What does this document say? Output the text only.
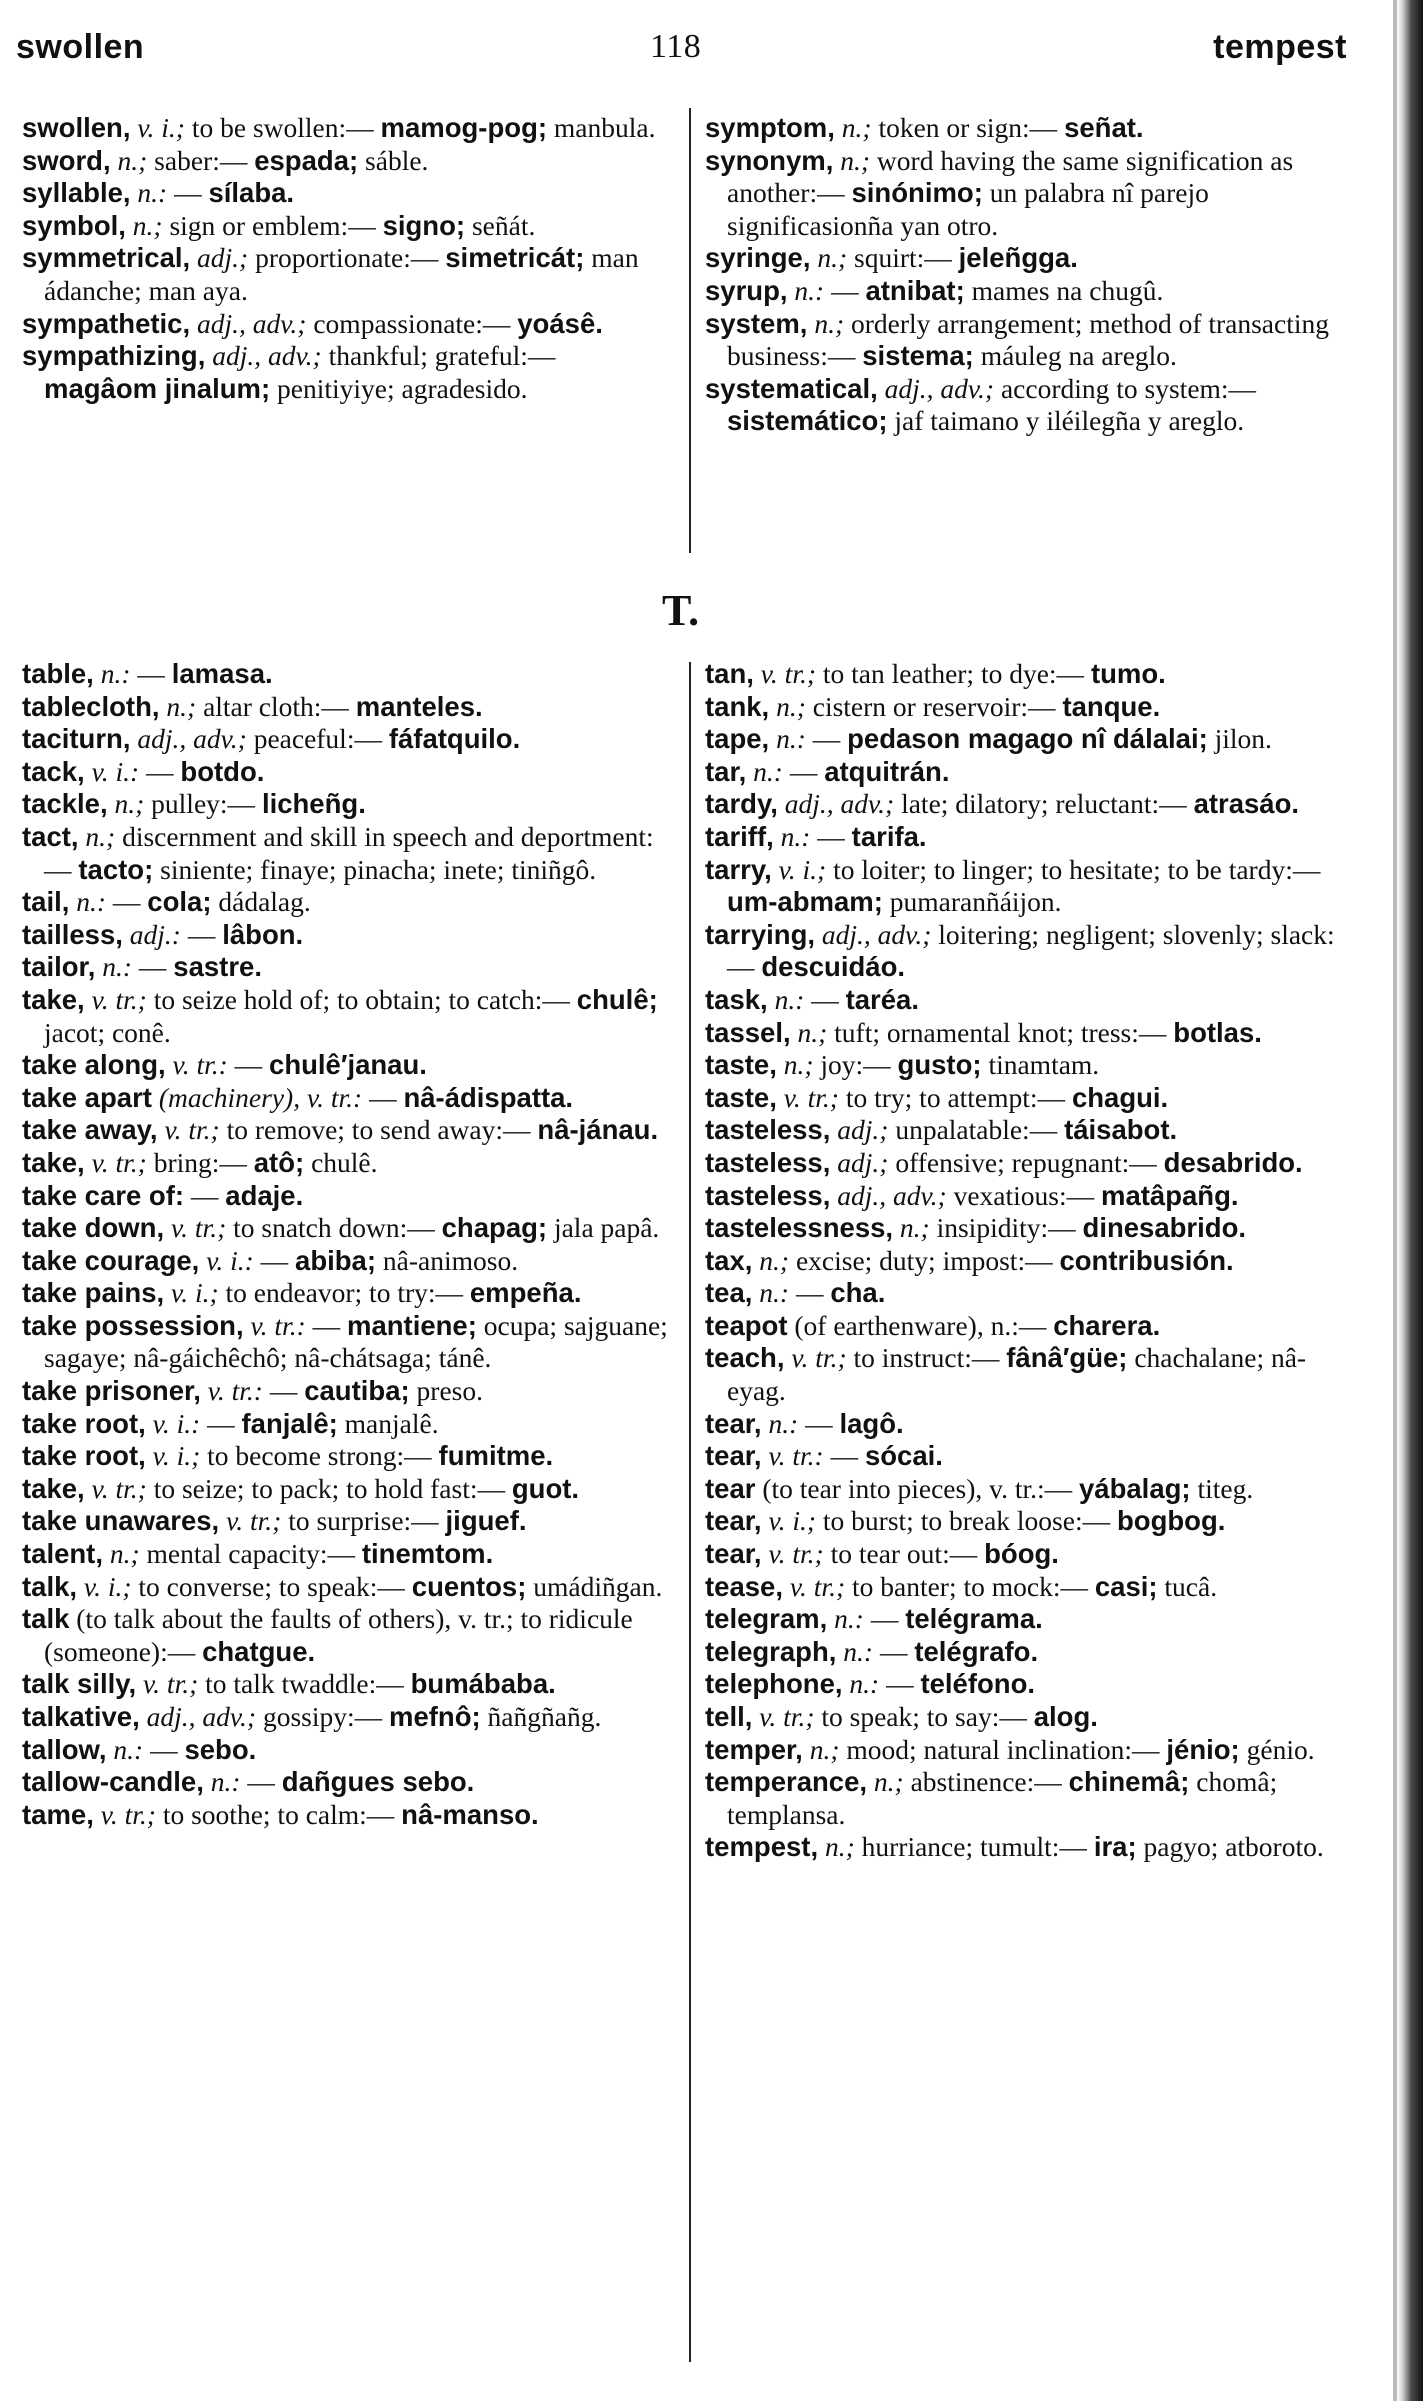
swollen	118	tempest

swollen, v. i.; to be swollen:— mamog-pog; manbula.

sword, n.; saber:— espada; sáble.

syllable, n.: — sílaba.

symbol, n.; sign or emblem:— signo; señát.

symmetrical, adj.; proportionate:— simetricát; man ádanche; man aya.

sympathetic, adj., adv.; compassionate:— yoásê.

sympathizing, adj., adv.; thankful; grateful:— magâom jinalum; penitiyiye; agradesido.

symptom, n.; token or sign:— señat.

synonym, n.; word having the same signification as another:— sinónimo; un palabra nî parejo significasionña yan otro.

syringe, n.; squirt:— jeleñgga.

syrup, n.: — atnibat; mames na chugû.

system, n.; orderly arrangement; method of transacting business:— sistema; máuleg na areglo.

systematical, adj., adv.; according to system:— sistemático; jaf taimano y iléilegña y areglo.

T.

table, n.: — lamasa.

tablecloth, n.; altar cloth:— manteles.

taciturn, adj., adv.; peaceful:— fáfatquilo.

tack, v. i.: — botdo.

tackle, n.; pulley:— licheñg.

tact, n.; discernment and skill in speech and deportment:— tacto; siniente; finaye; pinacha; inete; tiniñgô.

tail, n.: — cola; dádalag.

tailless, adj.: — lâbon.

tailor, n.: — sastre.

take, v. tr.; to seize hold of; to obtain; to catch:— chulê; jacot; conê.

take along, v. tr.: — chulê′janau.

take apart (machinery), v. tr.: — nâ-ádispatta.

take away, v. tr.; to remove; to send away:— nâ-jánau.

take, v. tr.; bring:— atô; chulê.

take care of: — adaje.

take down, v. tr.; to snatch down:— chapag; jala papâ.

take courage, v. i.: — abiba; nâ-animoso.

take pains, v. i.; to endeavor; to try:— empeña.

take possession, v. tr.: — mantiene; ocupa; sajguane; sagaye; nâ-gáichêchô; nâ-chátsaga; tánê.

take prisoner, v. tr.: — cautiba; preso.

take root, v. i.: — fanjalê; manjalê.

take root, v. i.; to become strong:— fumitme.

take, v. tr.; to seize; to pack; to hold fast:— guot.

take unawares, v. tr.; to surprise:— jiguef.

talent, n.; mental capacity:— tinemtom.

talk, v. i.; to converse; to speak:— cuentos; umádiñgan.

talk (to talk about the faults of others), v. tr.; to ridicule (someone):— chatgue.

talk silly, v. tr.; to talk twaddle:— bumábaba.

talkative, adj., adv.; gossipy:— mefnô; ñañgñañg.

tallow, n.: — sebo.

tallow-candle, n.: — dañgues sebo.

tame, v. tr.; to soothe; to calm:— nâ-manso.

tan, v. tr.; to tan leather; to dye:— tumo.

tank, n.; cistern or reservoir:— tanque.

tape, n.: — pedason magago nî dálalai; jilon.

tar, n.: — atquitrán.

tardy, adj., adv.; late; dilatory; reluctant:— atrasáo.

tariff, n.: — tarifa.

tarry, v. i.; to loiter; to linger; to hesitate; to be tardy:— um-abmam; pumaranñáijon.

tarrying, adj., adv.; loitering; negligent; slovenly; slack:— descuidáo.

task, n.: — taréa.

tassel, n.; tuft; ornamental knot; tress:— botlas.

taste, n.; joy:— gusto; tinamtam.

taste, v. tr.; to try; to attempt:— chagui.

tasteless, adj.; unpalatable:— táisabot.

tasteless, adj.; offensive; repugnant:— desabrido.

tasteless, adj., adv.; vexatious:— matâpañg.

tastelessness, n.; insipidity:— dinesabrido.

tax, n.; excise; duty; impost:— contribusión.

tea, n.: — cha.

teapot (of earthenware), n.:— charera.

teach, v. tr.; to instruct:— fânâ′güe; chachalane; nâ-eyag.

tear, n.: — lagô.

tear, v. tr.: — sócai.

tear (to tear into pieces), v. tr.:— yábalag; titeg.

tear, v. i.; to burst; to break loose:— bogbog.

tear, v. tr.; to tear out:— bóog.

tease, v. tr.; to banter; to mock:— casi; tucâ.

telegram, n.: — telégrama.

telegraph, n.: — telégrafo.

telephone, n.: — teléfono.

tell, v. tr.; to speak; to say:— alog.

temper, n.; mood; natural inclination:— jénio; génio.

temperance, n.; abstinence:— chinemâ; chomâ; templansa.

tempest, n.; hurriance; tumult:— ira; pagyo; atboroto.
